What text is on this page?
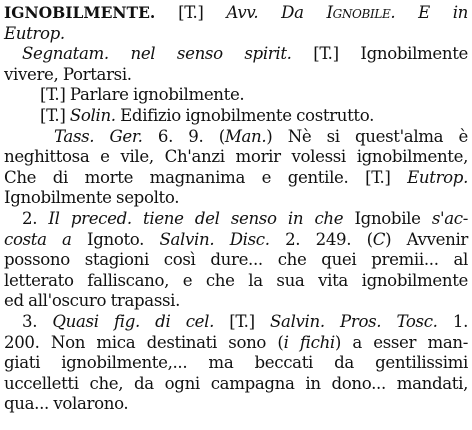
IGNOBILMENTE. [T.] Avv. Da Ignobile. E in
Eutrop.
Segnatam. nel senso spirit. [T.] Ignobilmente
vivere, Portarsi.
[T.] Parlare ignobilmente.
[T.] Solin. Edifizio ignobilmente costrutto.
Tass. Ger. 6. 9. (Man.) Nè si quest'alma è
neghittosa e vile, Ch'anzi morir volessi ignobilmente,
Che di morte magnanima e gentile. [T.] Eutrop.
Ignobilmente sepolto.
2. Il preced. tiene del senso in che Ignobile s'ac-
costa a Ignoto. Salvin. Disc. 2. 249. (C) Avvenir
possono stagioni così dure... che quei premii... al
letterato falliscano, e che la sua vita ignobilmente
ed all'oscuro trapassi.
3. Quasi fig. di cel. [T.] Salvin. Pros. Tosc. 1.
200. Non mica destinati sono (i fichi) a esser man-
giati ignobilmente,... ma beccati da gentilissimi
uccelletti che, da ogni campagna in dono... mandati,
qua... volarono.
